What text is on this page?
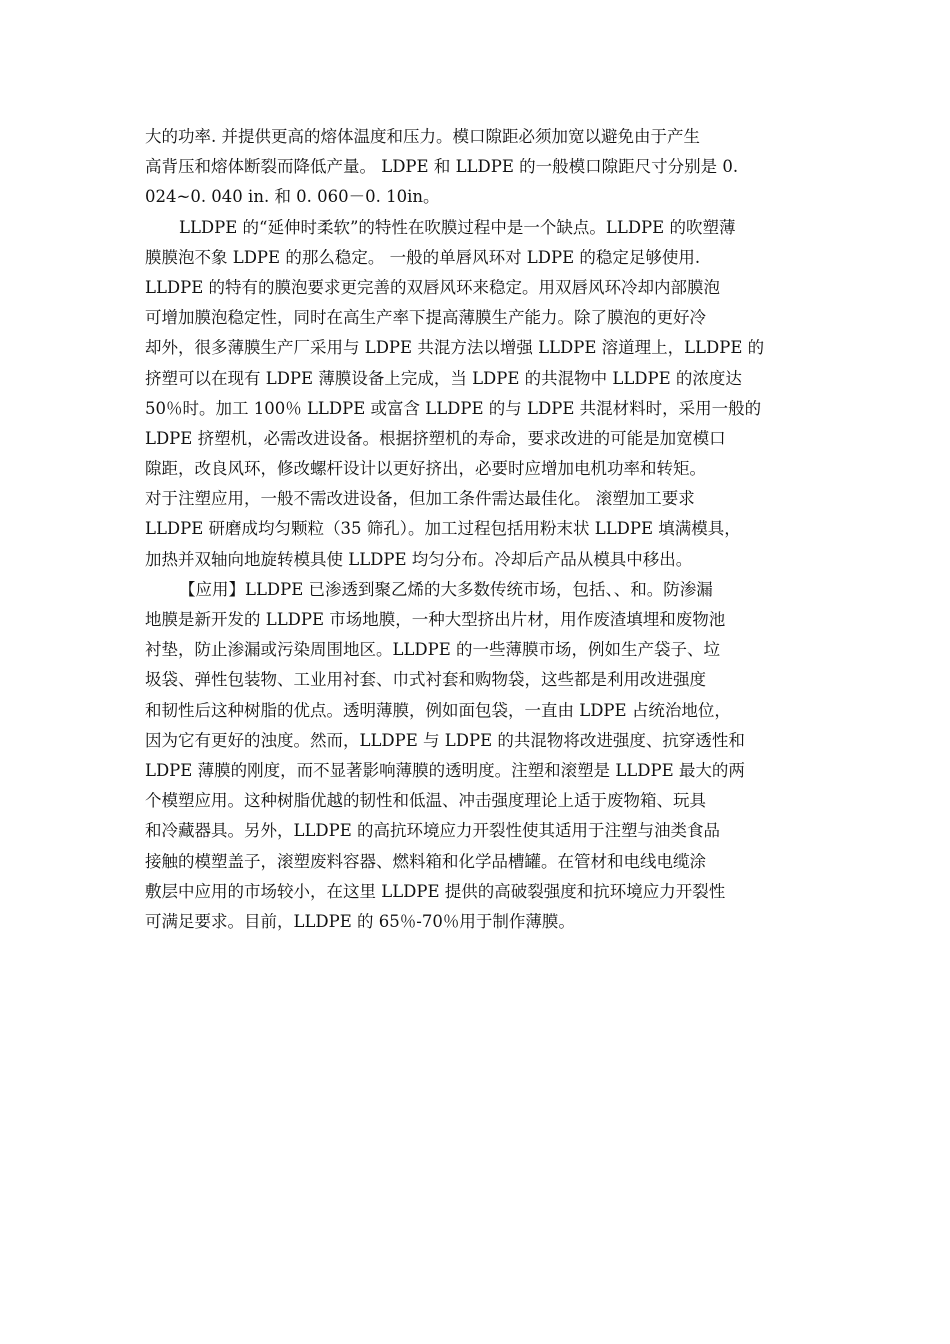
大的功率. 并提供更高的熔体温度和压力。模口隙距必须加宽以避免由于产生
高背压和熔体断裂而降低产量。 LDPE 和 LLDPE 的一般模口隙距尺寸分别是 0.
024~0. 040 in. 和 0. 060－0. 10in。
LLDPE 的“延伸时柔软”的特性在吹膜过程中是一个缺点。LLDPE 的吹塑薄
膜膜泡不象 LDPE 的那么稳定。 一般的单唇风环对 LDPE 的稳定足够使用.
LLDPE 的特有的膜泡要求更完善的双唇风环来稳定。用双唇风环冷却内部膜泡
可增加膜泡稳定性，同时在高生产率下提高薄膜生产能力。除了膜泡的更好冷
却外，很多薄膜生产厂采用与 LDPE 共混方法以增强 LLDPE 溶道理上，LLDPE 的
挤塑可以在现有 LDPE 薄膜设备上完成，当 LDPE 的共混物中 LLDPE 的浓度达
50％时。加工 100％ LLDPE 或富含 LLDPE 的与 LDPE 共混材料时，采用一般的
LDPE 挤塑机，必需改进设备。根据挤塑机的寿命，要求改进的可能是加宽模口
隙距，改良风环，修改螺杆设计以更好挤出，必要时应增加电机功率和转矩。
对于注塑应用，一般不需改进设备，但加工条件需达最佳化。 滚塑加工要求
LLDPE 研磨成均匀颗粒（35 筛孔）。加工过程包括用粉末状 LLDPE 填满模具，
加热并双轴向地旋转模具使 LLDPE 均匀分布。冷却后产品从模具中移出。
【应用】LLDPE 已渗透到聚乙烯的大多数传统市场，包括、、和。防渗漏
地膜是新开发的 LLDPE 市场地膜，一种大型挤出片材，用作废渣填埋和废物池
衬垫，防止渗漏或污染周围地区。LLDPE 的一些薄膜市场，例如生产袋子、垃
圾袋、弹性包装物、工业用衬套、巾式衬套和购物袋，这些都是利用改进强度
和韧性后这种树脂的优点。透明薄膜，例如面包袋，一直由 LDPE 占统治地位，
因为它有更好的浊度。然而，LLDPE 与 LDPE 的共混物将改进强度、抗穿透性和
LDPE 薄膜的刚度，而不显著影响薄膜的透明度。注塑和滚塑是 LLDPE 最大的两
个模塑应用。这种树脂优越的韧性和低温、冲击强度理论上适于废物箱、玩具
和冷藏器具。另外，LLDPE 的高抗环境应力开裂性使其适用于注塑与油类食品
接触的模塑盖子，滚塑废料容器、燃料箱和化学品槽罐。在管材和电线电缆涂
敷层中应用的市场较小，在这里 LLDPE 提供的高破裂强度和抗环境应力开裂性
可满足要求。目前，LLDPE 的 65％-70％用于制作薄膜。
